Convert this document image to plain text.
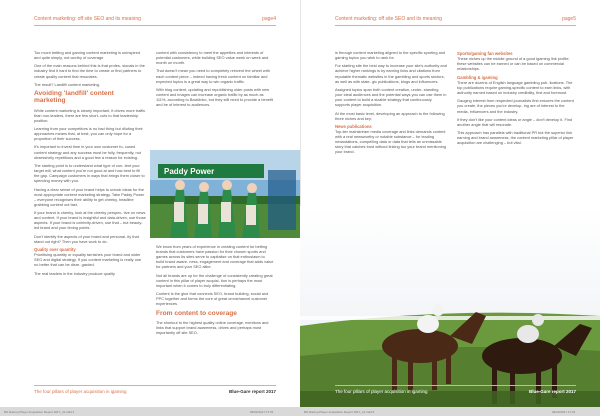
Content marketing: off site SEO and its meaning	page4

Too much betting and gaming content marketing is uninspired and quite simply, not worthy of coverage.

One of the main reasons behind this is that profes- sionals in the industry find it hard to find the time to create or find partners to create quality content that resonates.

The result? Landfill content marketing.

Avoiding 'landfill' content marketing

While content marketing is clearly important, it drives more traffic than non-leaders, there are few short- cuts to that leadership position.

Learning from your competitors is no bad thing but diluting their approaches means that, at best, you can only hope for a proportion of their success.

It's important to invest time in your own customer fo- cused content strategy and any success must be fully, frequently, not obsessively repetitious and a good few a reason for existing.

The starting point is to understand what type of con- tent your target will, what content you're not good at and how best to fill the gap. Campaign customers in ways that brings them closer to spending money with you.

Having a clear sense of your brand helps to unlock ideas for the most appropriate content marketing strategy. Take Paddy Power – everyone recognises their ability to get cheeky, headline grabbing content out fast.

If your brand is cheeky, look at the cheeky perspec- tive on news and content. If your brand is insightful and data-driven, use those aspects. If your brand is celebrity-driven, use that – but beauty-led brand and your timing points.

Don't identify the aspects of your brand and personal- ity that stand out right? Then you have work to do.

Quality over quantity

Prioritising quantity or equality tarnishes your brand and wider SEO and digital strategy. If you content marketing is really one no better that can be disre- garded.

The real leaders in the industry produce quality

content with consistency to meet the appetites and interests of potential customers, while building SEO value week on week and month on month.

That doesn't mean you need to completely reinvent the wheel with each content piece – indeed having fresh content on familiar and expected topics is a great way to win organic traffic.

With blog content, updating and republishing older posts with new content and images can increase organic traffic by as much as 111%, according to Backlinko, but they still need to provide a benefit and be of interest to audiences.

We know from years of experience in creating content for betting brands that customers have passion for their chosen sports and games across its sites serve to capitalise on that enthusiasm to build brand aware- ness, engagement and coverage that adds value for partners and your SEO alike.

Not all brands are up for the challenge of consistently creating great content in this pillar of player acquisi- tion is perhaps the most important when it comes to truly differentiating.

Content is the glue that connects SEO, brand building, social and PPC together and forms the core of great omnichannel customer experiences.

From content to coverage

The shortcut to the highest quality online coverage, mentions and links that support brand awareness, drives and perhaps most importantly off site SEO,

The four pillars of player acquisition in igaming	Blue-Gare report 2017
Paddy Power
Content marketing: off site SEO and its meaning	page5

is through content marketing aligned to the specific sporting and gaming topics you wish to rank for.

For starting site the best way to increase your site's authority and achieve higher rankings is by earning links and citations from reputable thematic websites in the gambling and sports sectors, as well as with state- gic publications, blogs and influencers.

Assigned topics span both content creation, under- standing your ideal audiences and the potential ways you can use them in your content to build a sizable strategy that continuously supports player acquisition.

At the most basic level, developing an approach to the following three niches and key:

News publications

Top-tier mainstream media coverage and links demands content with a real newsworthy or notable substance – for leading newsstations, compelling data or data that tells an unmissable story that catches trust without linking too your brand mentioning your brand.

Sports/gaming fan websites

These niches up the middle ground of a good igaming link profile; these websites can be earned or can be based on commercial relationships.

Gambling & igaming

There are dozens of English language gambling pub- lications. The top publications require gaming-specific content to earn links, with authority earned based on industry credibility, first and foremost.

Gauging interest from respected journalists first ensures the content you create, the pieces you're develop- ing are of interest to the media, influencers and the industry.

If they don't like your content ideas or angle – don't develop it. Find another angle that will resonate.

This approach has parallels with traditional PR but the superior link earning and brand awareness, the content marketing pillar of player acquisition are challenging – but vital.

The four pillars of player acquisition in igaming	Blue-Gare report 2017
BG Racing Player Acquisition Report 2017_v2.indd 4	06/02/2017 17:01	BG Racing Player Acquisition Report 2017_v2.indd 5	06/02/2017 17:01
